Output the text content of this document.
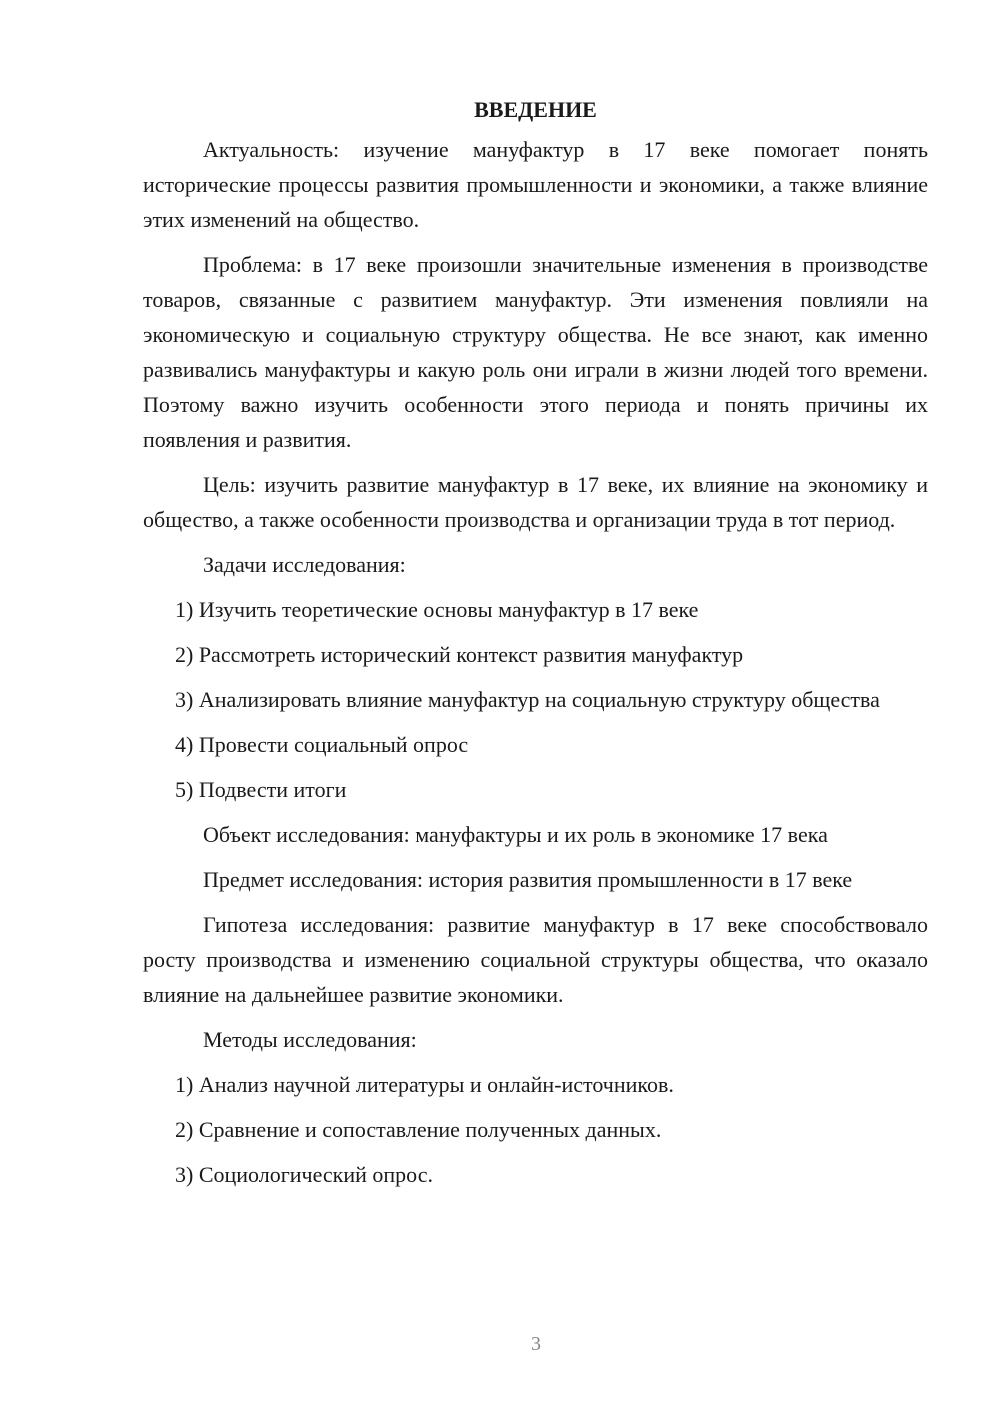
ВВЕДЕНИЕ

Актуальность: изучение мануфактур в 17 веке помогает понять исторические процессы развития промышленности и экономики, а также влияние этих изменений на общество.

Проблема: в 17 веке произошли значительные изменения в производстве товаров, связанные с развитием мануфактур. Эти изменения повлияли на экономическую и социальную структуру общества. Не все знают, как именно развивались мануфактуры и какую роль они играли в жизни людей того времени. Поэтому важно изучить особенности этого периода и понять причины их появления и развития.

Цель: изучить развитие мануфактур в 17 веке, их влияние на экономику и общество, а также особенности производства и организации труда в тот период.

Задачи исследования:

1) Изучить теоретические основы мануфактур в 17 веке

2) Рассмотреть исторический контекст развития мануфактур

3) Анализировать влияние мануфактур на социальную структуру общества

4) Провести социальный опрос

5) Подвести итоги

Объект исследования: мануфактуры и их роль в экономике 17 века

Предмет исследования: история развития промышленности в 17 веке

Гипотеза исследования: развитие мануфактур в 17 веке способствовало росту производства и изменению социальной структуры общества, что оказало влияние на дальнейшее развитие экономики.

Методы исследования:

1) Анализ научной литературы и онлайн-источников.

2) Сравнение и сопоставление полученных данных.

3) Социологический опрос.

3
